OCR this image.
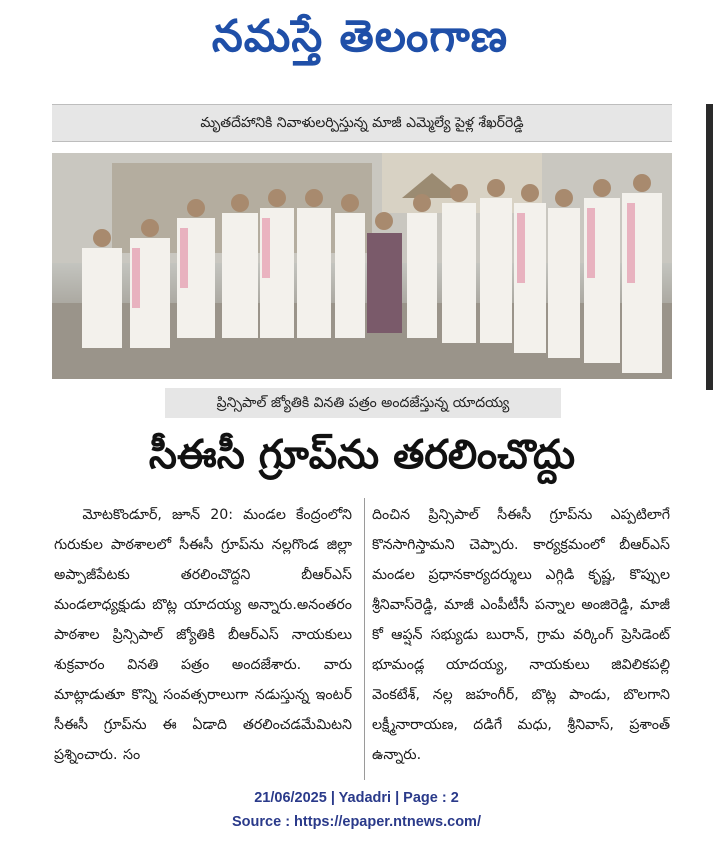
నమస్తే తెలంగాణ
మృతదేహానికి నివాళులర్పిస్తున్న మాజీ ఎమ్మెల్యే పైళ్ల శేఖర్‌రెడ్డి
ప్రిన్సిపాల్ జ్యోతికి వినతి పత్రం అందజేస్తున్న యాదయ్య
సీఈసీ గ్రూప్‌ను తరలించొద్దు
మోటకొండూర్, జూన్ 20: మండల కేంద్రంలోని గురుకుల పాఠశాలలో సీఈసీ గ్రూప్‌ను నల్లగొండ జిల్లా అప్పాజీపేటకు తరలించొద్దని బీఆర్ఎస్ మండలాధ్యక్షుడు బొట్ల యాదయ్య అన్నారు.అనంతరం పాఠశాల ప్రిన్సిపాల్ జ్యోతికి బీఆర్ఎస్ నాయకులు శుక్రవారం వినతి పత్రం అందజేశారు. వారు మాట్లాడుతూ కొన్ని సంవత్సరాలుగా నడుస్తున్న ఇంటర్ సీఈసీ గ్రూప్‌ను ఈ ఏడాది తరలించడమేమిటని ప్రశ్నించారు. సం
దించిన ప్రిన్సిపాల్ సీఈసీ గ్రూప్‌ను ఎప్పటిలాగే కొనసాగిస్తామని చెప్పారు. కార్యక్రమంలో బీఆర్ఎస్ మండల ప్రధానకార్యదర్శులు ఎగ్గిడి కృష్ణ, కొప్పుల శ్రీనివాస్‌రెడ్డి, మాజీ ఎంపీటీసీ పన్నాల అంజిరెడ్డి, మాజీ కో ఆప్షన్ సభ్యుడు బురాన్, గ్రామ వర్కింగ్ ప్రెసిడెంట్ భూమండ్ల యాదయ్య, నాయకులు జివిలికపల్లి వెంకటేశ్, నల్ల జహంగీర్, బొట్ల పాండు, బొలగాని లక్ష్మీనారాయణ, దడిగే మధు, శ్రీనివాస్, ప్రశాంత్ ఉన్నారు.
21/06/2025 | Yadadri | Page : 2
Source : https://epaper.ntnews.com/
